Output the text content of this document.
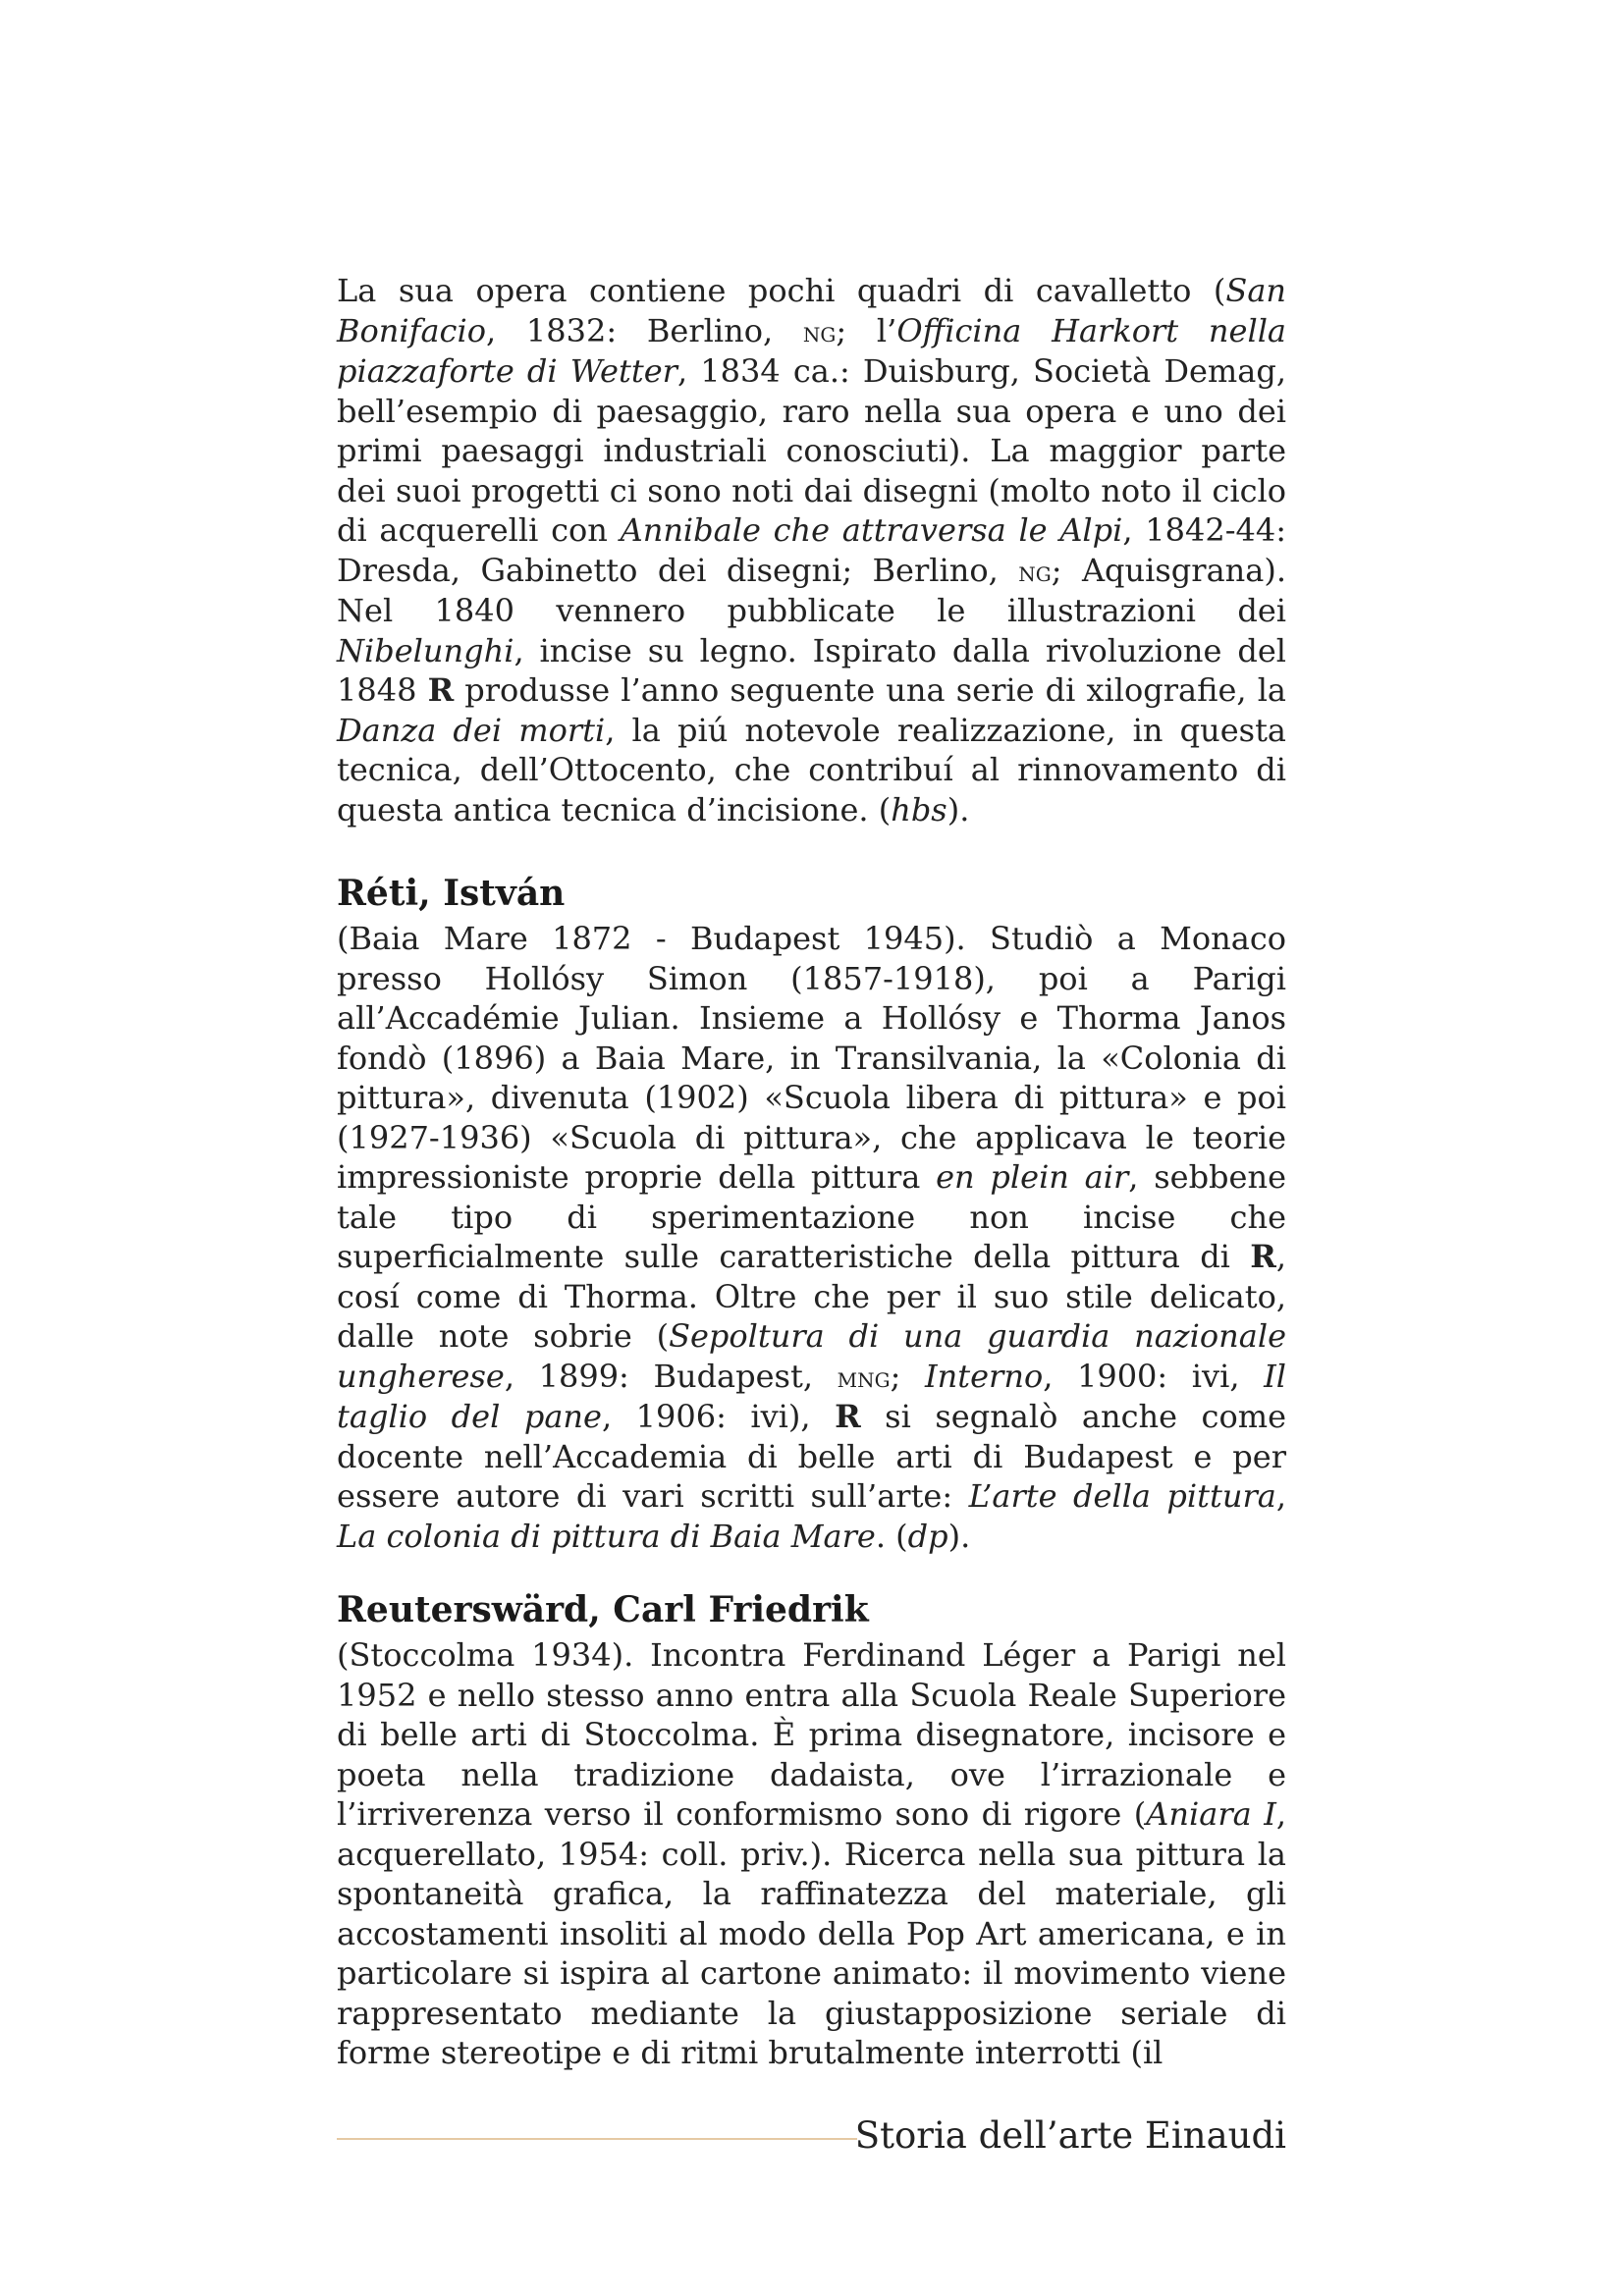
La sua opera contiene pochi quadri di cavalletto (San Bonifacio, 1832: Berlino, ng; l’Officina Harkort nella piazzaforte di Wetter, 1834 ca.: Duisburg, Società Demag, bell’esempio di paesaggio, raro nella sua opera e uno dei primi paesaggi industriali conosciuti). La maggior parte dei suoi progetti ci sono noti dai disegni (molto noto il ciclo di acquerelli con Annibale che attraversa le Alpi, 1842-44: Dresda, Gabinetto dei disegni; Berlino, ng; Aquisgrana). Nel 1840 vennero pubblicate le illustrazioni dei Nibelunghi, incise su legno. Ispirato dalla rivoluzione del 1848 R produsse l’anno seguente una serie di xilografie, la Danza dei morti, la piú notevole realizzazione, in questa tecnica, dell’Ottocento, che contribuí al rinnovamento di questa antica tecnica d’incisione. (hbs).

Réti, István

(Baia Mare 1872 - Budapest 1945). Studiò a Monaco presso Hollósy Simon (1857-1918), poi a Parigi all’Accadémie Julian. Insieme a Hollósy e Thorma Janos fondò (1896) a Baia Mare, in Transilvania, la «Colonia di pittura», divenuta (1902) «Scuola libera di pittura» e poi (1927-1936) «Scuola di pittura», che applicava le teorie impressioniste proprie della pittura en plein air, sebbene tale tipo di sperimentazione non incise che superficialmente sulle caratteristiche della pittura di R, cosí come di Thorma. Oltre che per il suo stile delicato, dalle note sobrie (Sepoltura di una guardia nazionale ungherese, 1899: Budapest, mng; Interno, 1900: ivi, Il taglio del pane, 1906: ivi), R si segnalò anche come docente nell’Accademia di belle arti di Budapest e per essere autore di vari scritti sull’arte: L’arte della pittura, La colonia di pittura di Baia Mare. (dp).

Reuterswärd, Carl Friedrik

(Stoccolma 1934). Incontra Ferdinand Léger a Parigi nel 1952 e nello stesso anno entra alla Scuola Reale Superiore di belle arti di Stoccolma. È prima disegnatore, incisore e poeta nella tradizione dadaista, ove l’irrazionale e l’irriverenza verso il conformismo sono di rigore (Aniara I, acquerellato, 1954: coll. priv.). Ricerca nella sua pittura la spontaneità grafica, la raffinatezza del materiale, gli accostamenti insoliti al modo della Pop Art americana, e in particolare si ispira al cartone animato: il movimento viene rappresentato mediante la giustapposizione seriale di forme stereotipe e di ritmi brutalmente interrotti (il

Storia dell’arte Einaudi
